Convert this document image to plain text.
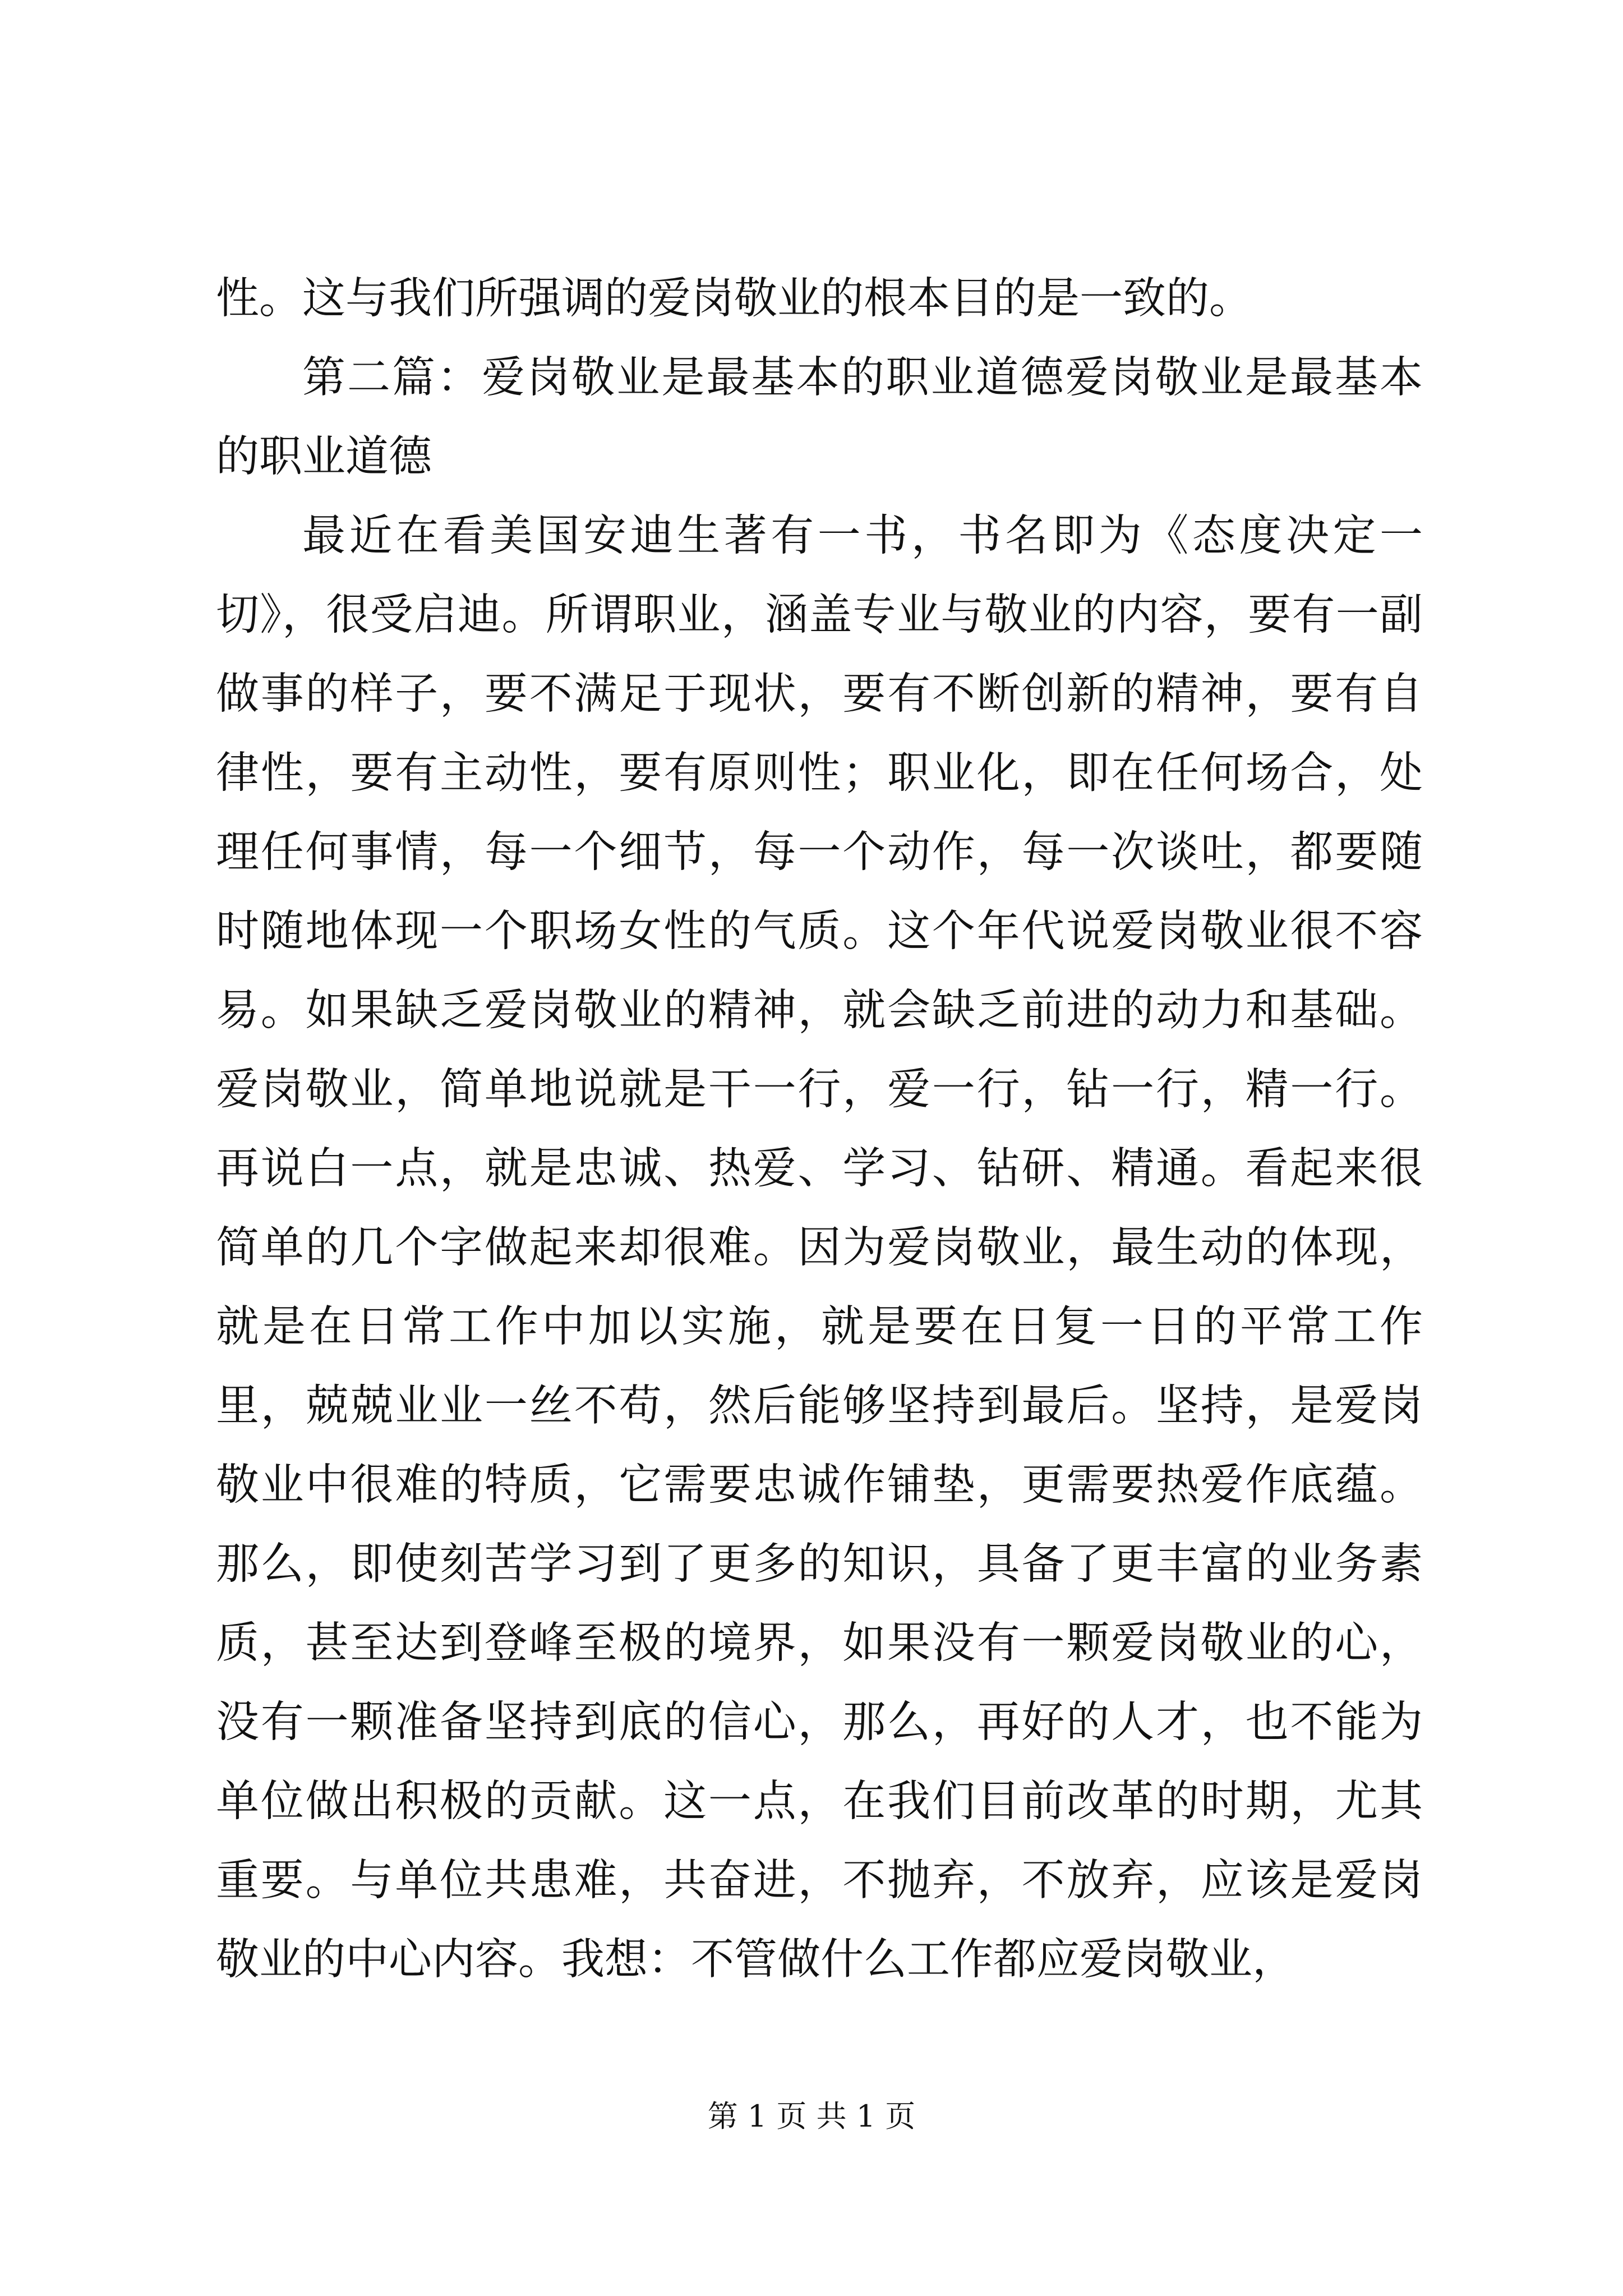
性。这与我们所强调的爱岗敬业的根本目的是一致的。

第二篇：爱岗敬业是最基本的职业道德爱岗敬业是最基本的职业道德

最近在看美国安迪生著有一书，书名即为《态度决定一切》，很受启迪。所谓职业，涵盖专业与敬业的内容，要有一副做事的样子，要不满足于现状，要有不断创新的精神，要有自律性，要有主动性，要有原则性；职业化，即在任何场合，处理任何事情，每一个细节，每一个动作，每一次谈吐，都要随时随地体现一个职场女性的气质。这个年代说爱岗敬业很不容易。如果缺乏爱岗敬业的精神，就会缺乏前进的动力和基础。爱岗敬业，简单地说就是干一行，爱一行，钻一行，精一行。再说白一点，就是忠诚、热爱、学习、钻研、精通。看起来很简单的几个字做起来却很难。因为爱岗敬业，最生动的体现，就是在日常工作中加以实施，就是要在日复一日的平常工作里，兢兢业业一丝不苟，然后能够坚持到最后。坚持，是爱岗敬业中很难的特质，它需要忠诚作铺垫，更需要热爱作底蕴。那么，即使刻苦学习到了更多的知识，具备了更丰富的业务素质，甚至达到登峰至极的境界，如果没有一颗爱岗敬业的心，没有一颗准备坚持到底的信心，那么，再好的人才，也不能为单位做出积极的贡献。这一点，在我们目前改革的时期，尤其重要。与单位共患难，共奋进，不抛弃，不放弃，应该是爱岗敬业的中心内容。我想：不管做什么工作都应爱岗敬业，

第 1 页 共 1 页
